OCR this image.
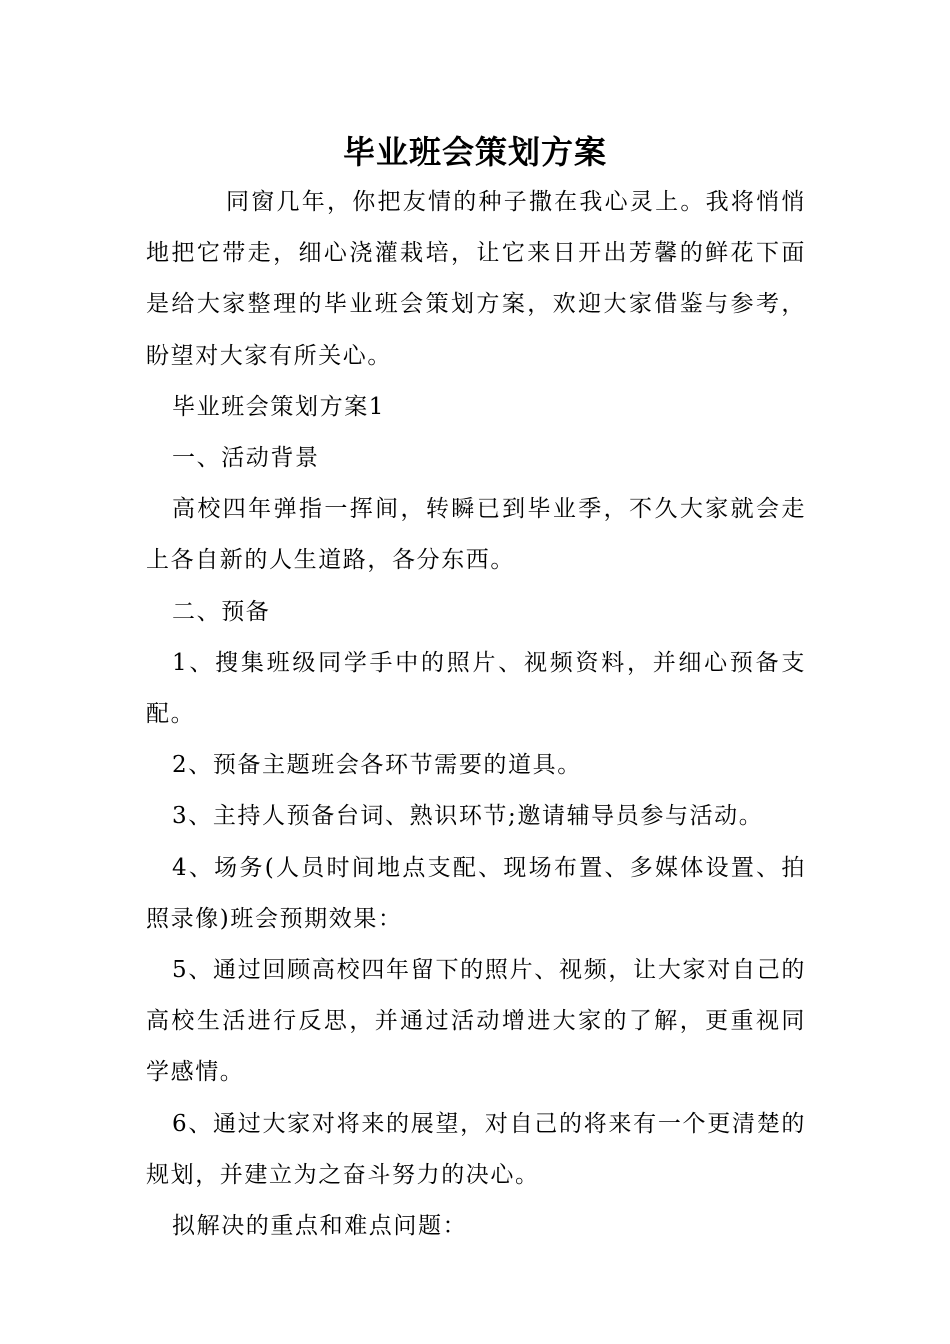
毕业班会策划方案

同窗几年，你把友情的种子撒在我心灵上。我将悄悄地把它带走，细心浇灌栽培，让它来日开出芳馨的鲜花下面是给大家整理的毕业班会策划方案，欢迎大家借鉴与参考，盼望对大家有所关心。

毕业班会策划方案1

一、活动背景

高校四年弹指一挥间，转瞬已到毕业季，不久大家就会走上各自新的人生道路，各分东西。

二、预备

1、搜集班级同学手中的照片、视频资料，并细心预备支配。

2、预备主题班会各环节需要的道具。

3、主持人预备台词、熟识环节;邀请辅导员参与活动。

4、场务(人员时间地点支配、现场布置、多媒体设置、拍照录像)班会预期效果：

5、通过回顾高校四年留下的照片、视频，让大家对自己的高校生活进行反思，并通过活动增进大家的了解，更重视同学感情。

6、通过大家对将来的展望，对自己的将来有一个更清楚的规划，并建立为之奋斗努力的决心。

拟解决的重点和难点问题：
